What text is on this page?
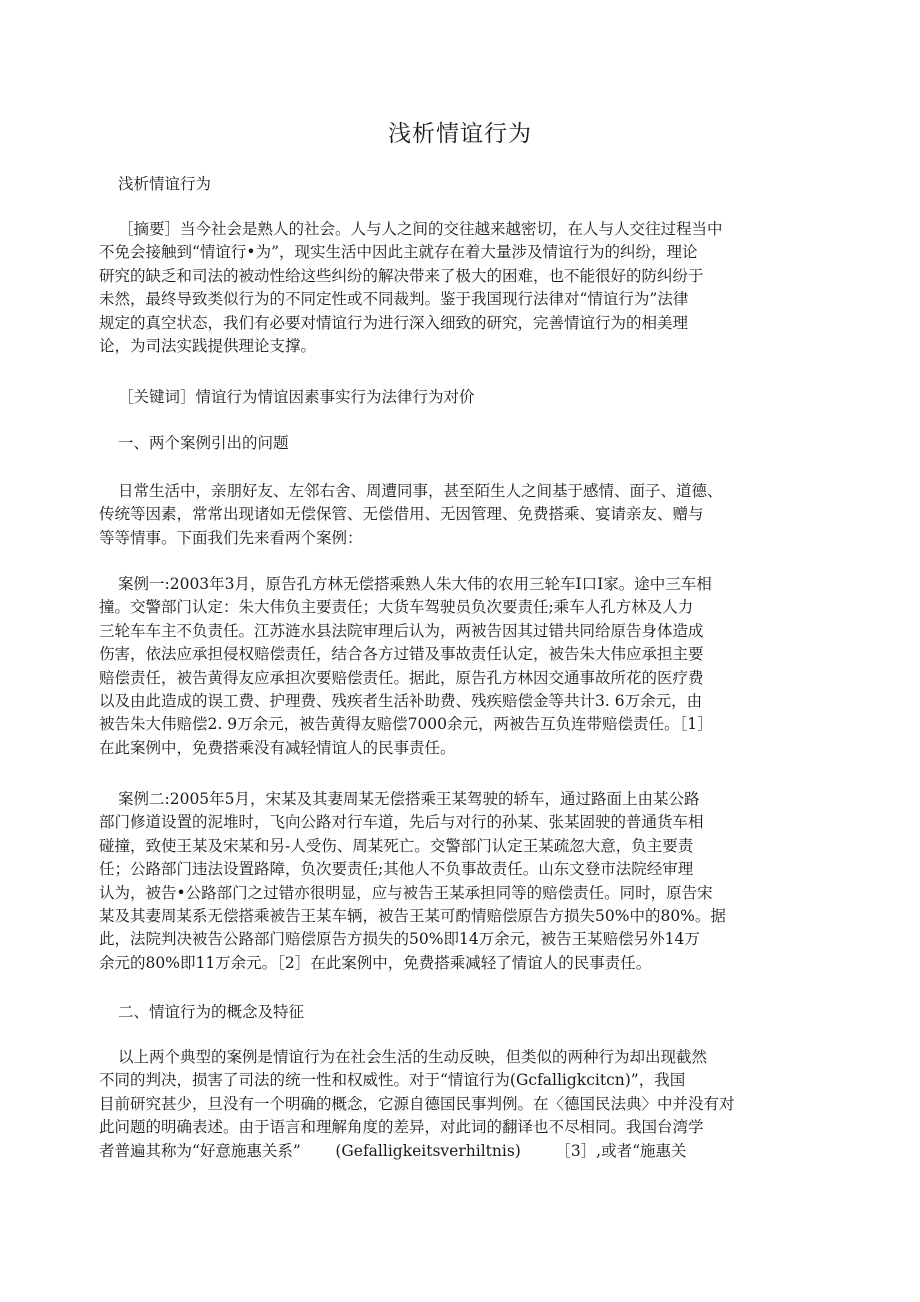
浅析情谊行为
浅析情谊行为
［摘要］当今社会是熟人的社会。人与人之间的交往越来越密切，在人与人交往过程当中
不免会接触到“情谊行•为”，现实生活中因此主就存在着大量涉及情谊行为的纠纷，理论
研究的缺乏和司法的被动性给这些纠纷的解决带来了极大的困难，也不能很好的防纠纷于
未然，最终导致类似行为的不同定性或不同裁判。鉴于我国现行法律对“情谊行为”法律
规定的真空状态，我们有必要对情谊行为进行深入细致的研究，完善情谊行为的相美理
论，为司法实践提供理论支撑。
［关键词］情谊行为情谊因素事实行为法律行为对价
一、两个案例引出的问题
日常生活中，亲朋好友、左邻右舍、周遭同事，甚至陌生人之间基于感情、面子、道德、
传统等因素，常常出现诸如无偿保管、无偿借用、无因管理、免费搭乘、宴请亲友、赠与
等等情事。下面我们先来看两个案例：
案例一:2003年3月，原告孔方林无偿搭乘熟人朱大伟的农用三轮车I口I家。途中三车相
撞。交警部门认定：朱大伟负主要责任；大货车驾驶员负次要责任;乘车人孔方林及人力
三轮车车主不负责任。江苏涟水县法院审理后认为，两被告因其过错共同给原告身体造成
伤害，依法应承担侵权赔偿责任，结合各方过错及事故责任认定，被告朱大伟应承担主要
赔偿责任，被告黄得友应承担次要赔偿责任。据此，原告孔方林因交通事故所花的医疗费
以及由此造成的误工费、护理费、残疾者生活补助费、残疾赔偿金等共计3. 6万余元，由
被告朱大伟赔偿2. 9万余元，被告黄得友赔偿7000余元，两被告互负连带赔偿责任。［1］
在此案例中，免费搭乘没有减轻情谊人的民事责任。
案例二:2005年5月，宋某及其妻周某无偿搭乘王某驾驶的轿车，通过路面上由某公路
部门修道设置的泥堆时，飞向公路对行车道，先后与对行的孙某、张某固驶的普通货车相
碰撞，致使王某及宋某和另-人受伤、周某死亡。交警部门认定王某疏忽大意，负主要责
任；公路部门违法设置路障，负次要责任;其他人不负事故责任。山东文登市法院经审理
认为，被告•公路部门之过错亦很明显，应与被告王某承担同等的赔偿责任。同时，原告宋
某及其妻周某系无偿搭乘被告王某车辆，被告王某可酌情赔偿原告方损失50%中的80%。据
此，法院判决被告公路部门赔偿原告方损失的50%即14万余元，被告王某赔偿另外14万
余元的80%即11万余元。［2］在此案例中，免费搭乘减轻了情谊人的民事责任。
二、情谊行为的概念及特征
以上两个典型的案例是情谊行为在社会生活的生动反映，但类似的两种行为却出现截然
不同的判决，损害了司法的统一性和权威性。对于“情谊行为(Gcfalligkcitcn)”，我国
目前研究甚少，旦没有一个明确的概念，它源自德国民事判例。在〈德国民法典〉中并没有对
此问题的明确表述。由于语言和理解角度的差异，对此词的翻译也不尽相同。我国台湾学
者普遍其称为“好意施惠关系”       (Gefalligkeitsverhiltnis)       ［3］,或者“施惠关
